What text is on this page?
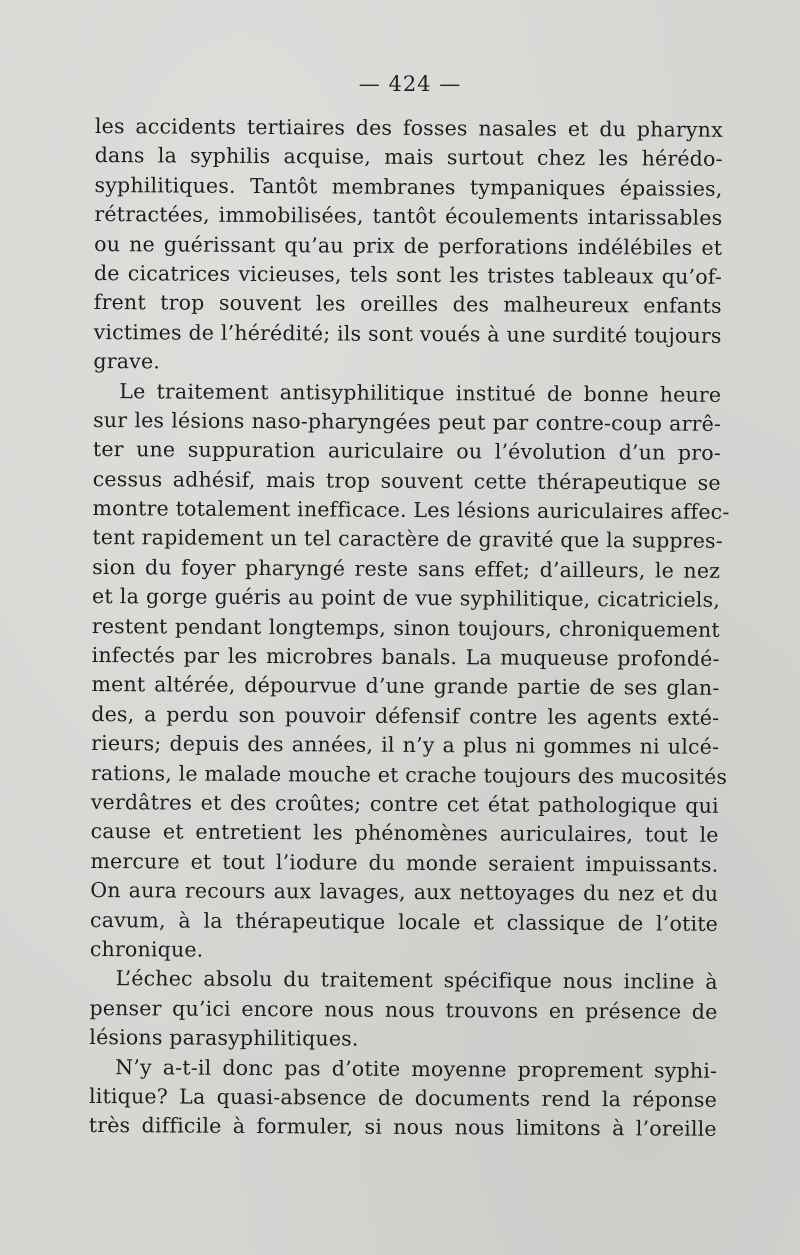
— 424 —
les accidents tertiaires des fosses nasales et du pharynx
dans la syphilis acquise, mais surtout chez les hérédo-
syphilitiques. Tantôt membranes tympaniques épaissies,
rétractées, immobilisées, tantôt écoulements intarissables
ou ne guérissant qu’au prix de perforations indélébiles et
de cicatrices vicieuses, tels sont les tristes tableaux qu’of-
frent trop souvent les oreilles des malheureux enfants
victimes de l’hérédité; ils sont voués à une surdité toujours
grave.
Le traitement antisyphilitique institué de bonne heure
sur les lésions naso-pharyngées peut par contre-coup arrê-
ter une suppuration auriculaire ou l’évolution d’un pro-
cessus adhésif, mais trop souvent cette thérapeutique se
montre totalement inefficace. Les lésions auriculaires affec-
tent rapidement un tel caractère de gravité que la suppres-
sion du foyer pharyngé reste sans effet; d’ailleurs, le nez
et la gorge guéris au point de vue syphilitique, cicatriciels,
restent pendant longtemps, sinon toujours, chroniquement
infectés par les microbres banals. La muqueuse profondé-
ment altérée, dépourvue d’une grande partie de ses glan-
des, a perdu son pouvoir défensif contre les agents exté-
rieurs; depuis des années, il n’y a plus ni gommes ni ulcé-
rations, le malade mouche et crache toujours des mucosités
verdâtres et des croûtes; contre cet état pathologique qui
cause et entretient les phénomènes auriculaires, tout le
mercure et tout l’iodure du monde seraient impuissants.
On aura recours aux lavages, aux nettoyages du nez et du
cavum, à la thérapeutique locale et classique de l’otite
chronique.
L’échec absolu du traitement spécifique nous incline à
penser qu’ici encore nous nous trouvons en présence de
lésions parasyphilitiques.
N’y a-t-il donc pas d’otite moyenne proprement syphi-
litique? La quasi-absence de documents rend la réponse
très difficile à formuler, si nous nous limitons à l’oreille
